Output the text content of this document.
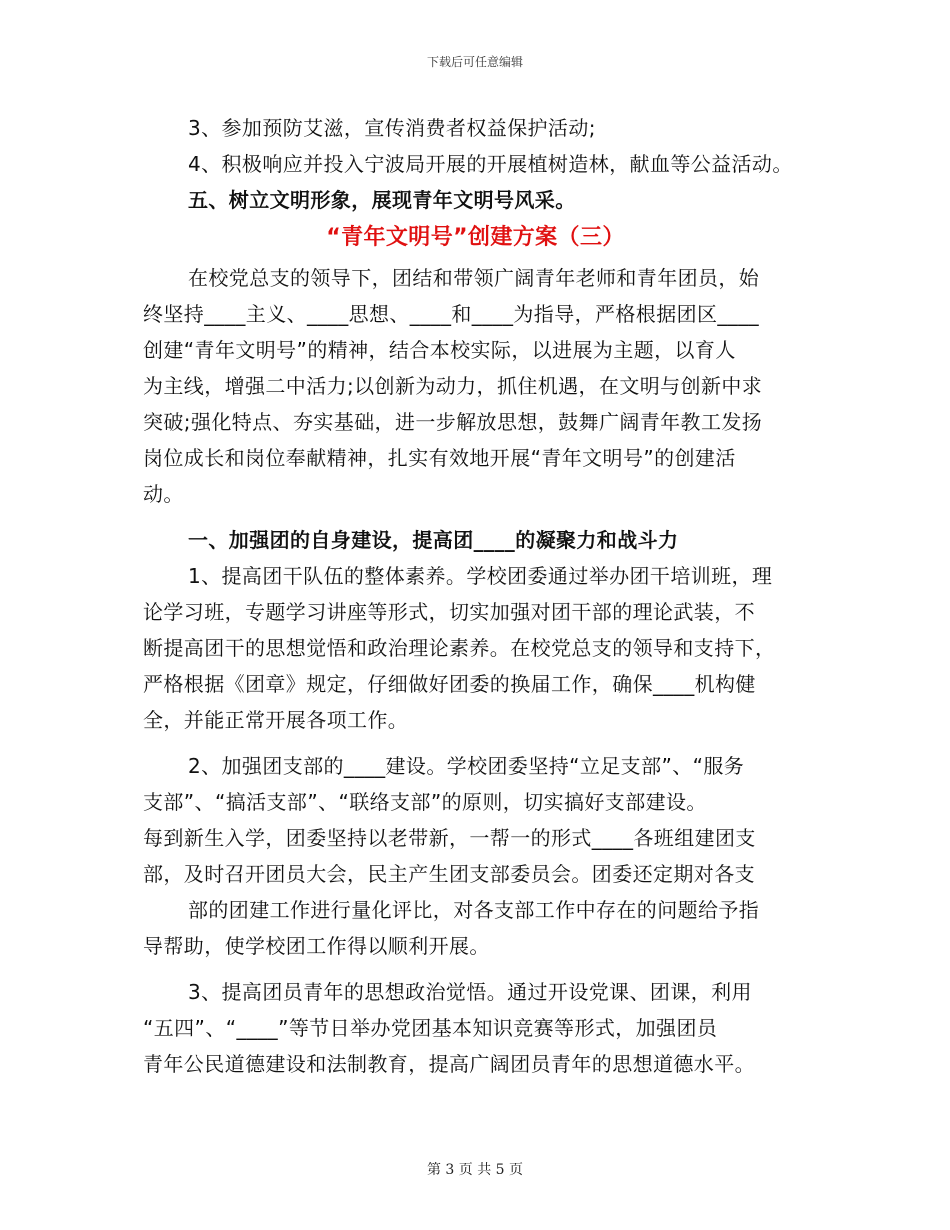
下载后可任意编辑
3、参加预防艾滋，宣传消费者权益保护活动;
4、积极响应并投入宁波局开展的开展植树造林，献血等公益活动。
五、树立文明形象，展现青年文明号风采。
“青年文明号”创建方案（三）
在校党总支的领导下，团结和带领广阔青年老师和青年团员，始
终坚持____主义、____思想、____和____为指导，严格根据团区____
创建“青年文明号”的精神，结合本校实际，以进展为主题，以育人
为主线，增强二中活力;以创新为动力，抓住机遇，在文明与创新中求
突破;强化特点、夯实基础，进一步解放思想，鼓舞广阔青年教工发扬
岗位成长和岗位奉献精神，扎实有效地开展“青年文明号”的创建活
动。
一、加强团的自身建设，提高团____的凝聚力和战斗力
1、提高团干队伍的整体素养。学校团委通过举办团干培训班，理
论学习班，专题学习讲座等形式，切实加强对团干部的理论武装，不
断提高团干的思想觉悟和政治理论素养。在校党总支的领导和支持下，
严格根据《团章》规定，仔细做好团委的换届工作，确保____机构健
全，并能正常开展各项工作。
2、加强团支部的____建设。学校团委坚持“立足支部”、“服务
支部”、“搞活支部”、“联络支部”的原则，切实搞好支部建设。
每到新生入学，团委坚持以老带新，一帮一的形式____各班组建团支
部，及时召开团员大会，民主产生团支部委员会。团委还定期对各支
部的团建工作进行量化评比，对各支部工作中存在的问题给予指
导帮助，使学校团工作得以顺利开展。
3、提高团员青年的思想政治觉悟。通过开设党课、团课，利用
“五四”、“____”等节日举办党团基本知识竞赛等形式，加强团员
青年公民道德建设和法制教育，提高广阔团员青年的思想道德水平。
第 3 页 共 5 页
